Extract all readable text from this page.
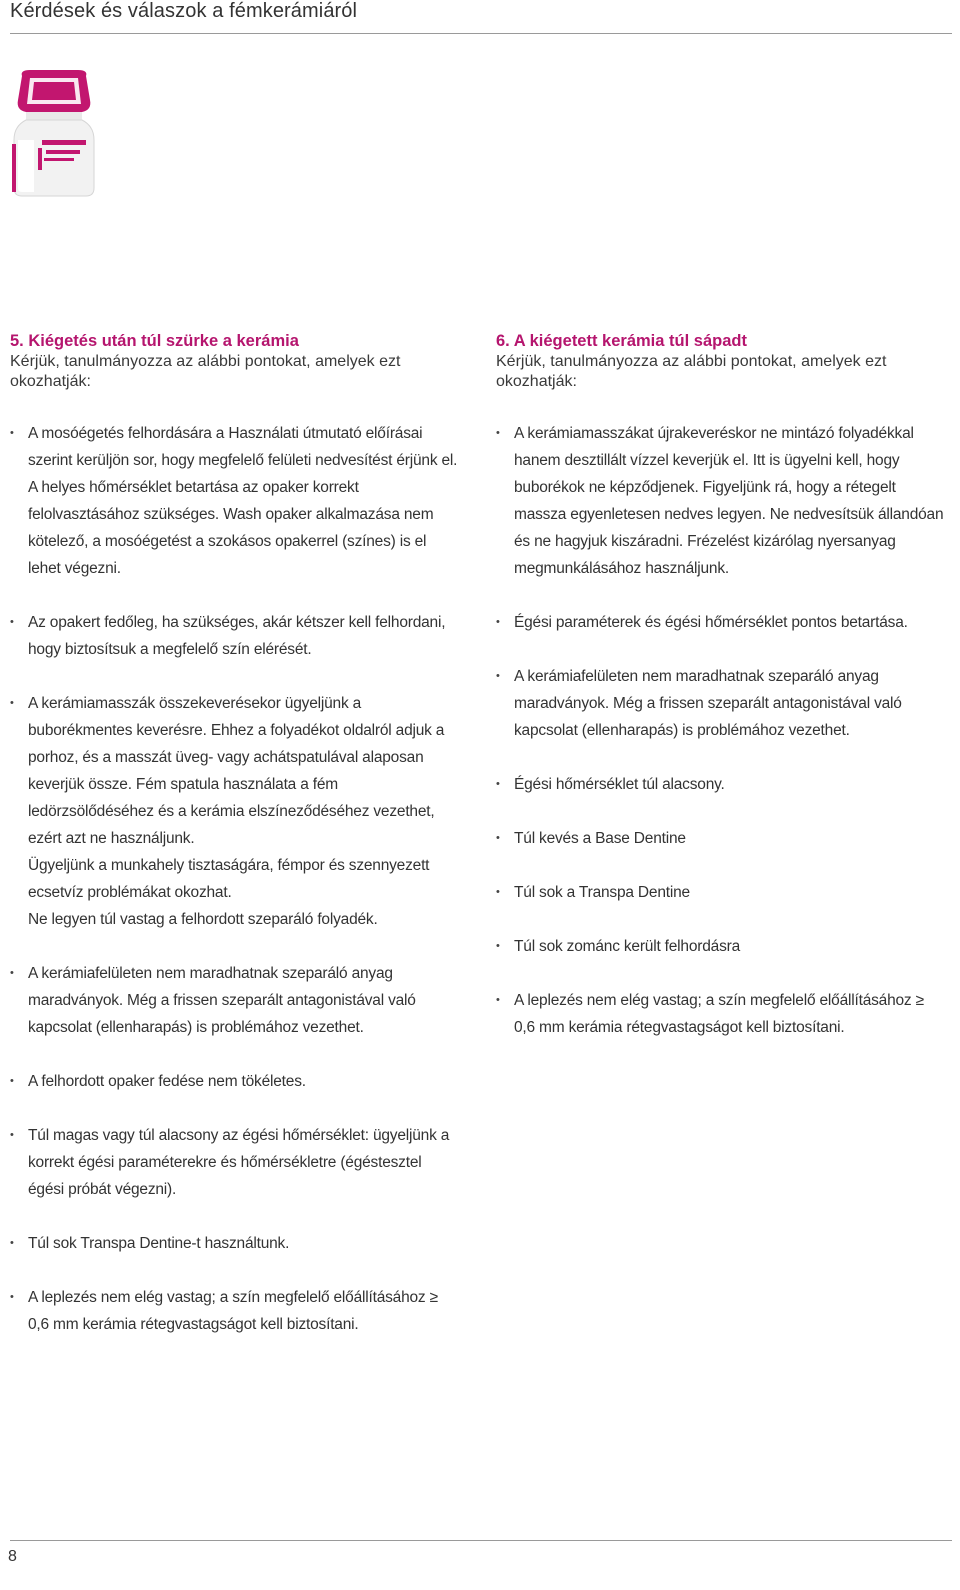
Kérdések és válaszok a fémkerámiáról
5. Kiégetés után túl szürke a kerámia
Kérjük, tanulmányozza az alábbi pontokat, amelyek ezt okozhatják:
• A mosóégetés felhordására a Használati útmutató előírásai szerint kerüljön sor, hogy megfelelő felületi nedvesítést érjünk el. A helyes hőmérséklet betartása az opaker korrekt felolvasztásához szükséges. Wash opaker alkalmazása nem kötelező, a mosóégetést a szokásos opakerrel (színes) is el lehet végezni.
• Az opakert fedőleg, ha szükséges, akár kétszer kell felhordani, hogy biztosítsuk a megfelelő szín elérését.
• A kerámiamasszák összekeverésekor ügyeljünk a buborékmentes keverésre. Ehhez a folyadékot oldalról adjuk a porhoz, és a masszát üveg- vagy achátspatulával alaposan keverjük össze. Fém spatula használata a fém ledörzsölődéséhez és a kerámia elszíneződéséhez vezethet, ezért azt ne használjunk.
Ügyeljünk a munkahely tisztaságára, fémpor és szennyezett ecsetvíz problémákat okozhat.
Ne legyen túl vastag a felhordott szeparáló folyadék.
• A kerámiafelületen nem maradhatnak szeparáló anyag maradványok. Még a frissen szeparált antagonistával való kapcsolat (ellenharapás) is problémához vezethet.
• A felhordott opaker fedése nem tökéletes.
• Túl magas vagy túl alacsony az égési hőmérséklet: ügyeljünk a korrekt égési paraméterekre és hőmérsékletre (égéstesztel égési próbát végezni).
• Túl sok Transpa Dentine-t használtunk.
• A leplezés nem elég vastag; a szín megfelelő előállításához ≥ 0,6 mm kerámia rétegvastagságot kell biztosítani.
6. A kiégetett kerámia túl sápadt
Kérjük, tanulmányozza az alábbi pontokat, amelyek ezt okozhatják:
• A kerámiamasszákat újrakeveréskor ne mintázó folyadékkal hanem desztillált vízzel keverjük el. Itt is ügyelni kell, hogy buborékok ne képződjenek. Figyeljünk rá, hogy a rétegelt massza egyenletesen nedves legyen. Ne nedvesítsük állandóan és ne hagyjuk kiszáradni. Frézelést kizárólag nyersanyag megmunkálásához használjunk.
• Égési paraméterek és égési hőmérséklet pontos betartása.
• A kerámiafelületen nem maradhatnak szeparáló anyag maradványok. Még a frissen szeparált antagonistával való kapcsolat (ellenharapás) is problémához vezethet.
• Égési hőmérséklet túl alacsony.
• Túl kevés a Base Dentine
• Túl sok a Transpa Dentine
• Túl sok zománc került felhordásra
• A leplezés nem elég vastag; a szín megfelelő előállításához ≥ 0,6 mm kerámia rétegvastagságot kell biztosítani.
8
